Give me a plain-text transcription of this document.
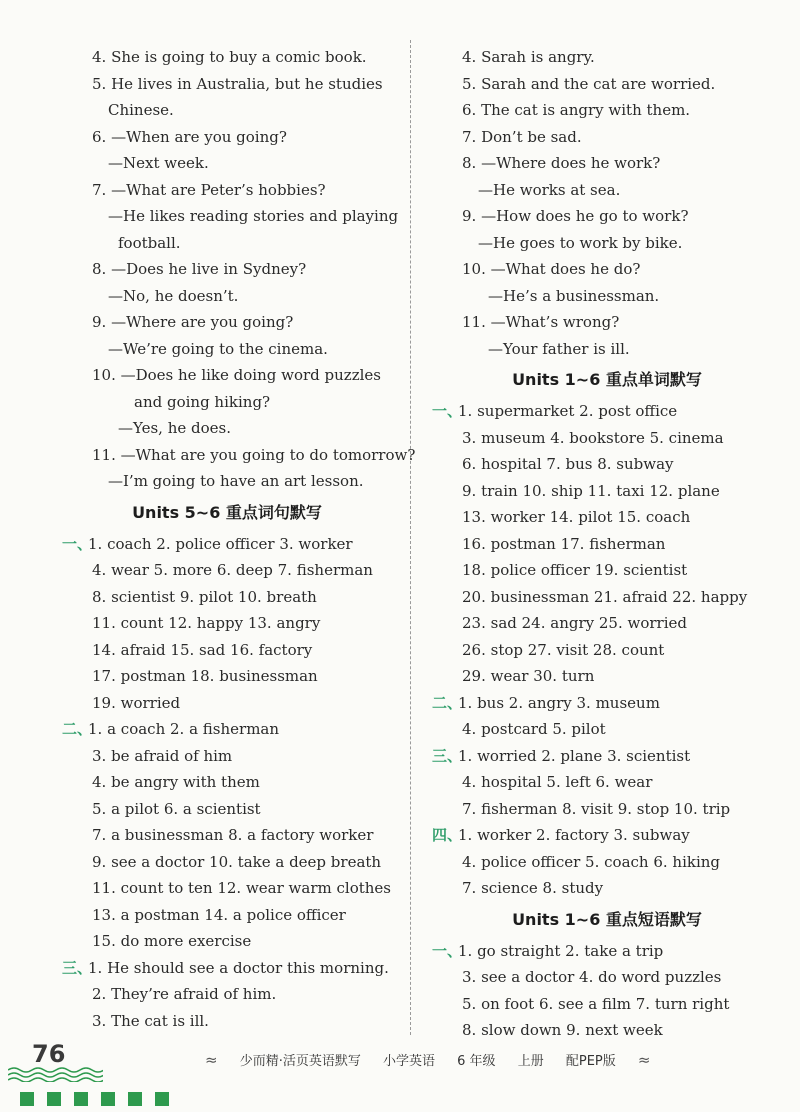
4. She is going to buy a comic book.
5. He lives in Australia, but he studies
Chinese.
6. —When are you going?
—Next week.
7. —What are Peter’s hobbies?
—He likes reading stories and playing
football.
8. —Does he live in Sydney?
—No, he doesn’t.
9. —Where are you going?
—We’re going to the cinema.
10. —Does he like doing word puzzles
and going hiking?
—Yes, he does.
11. —What are you going to do tomorrow?
—I’m going to have an art lesson.
Units 5~6 重点词句默写
一、1. coach 2. police officer 3. worker
4. wear 5. more 6. deep 7. fisherman
8. scientist 9. pilot 10. breath
11. count 12. happy 13. angry
14. afraid 15. sad 16. factory
17. postman 18. businessman
19. worried
二、1. a coach 2. a fisherman
3. be afraid of him
4. be angry with them
5. a pilot 6. a scientist
7. a businessman 8. a factory worker
9. see a doctor 10. take a deep breath
11. count to ten 12. wear warm clothes
13. a postman 14. a police officer
15. do more exercise
三、1. He should see a doctor this morning.
2. They’re afraid of him.
3. The cat is ill.
4. Sarah is angry.
5. Sarah and the cat are worried.
6. The cat is angry with them.
7. Don’t be sad.
8. —Where does he work?
—He works at sea.
9. —How does he go to work?
—He goes to work by bike.
10. —What does he do?
—He’s a businessman.
11. —What’s wrong?
—Your father is ill.
Units 1~6 重点单词默写
一、1. supermarket 2. post office
3. museum 4. bookstore 5. cinema
6. hospital 7. bus 8. subway
9. train 10. ship 11. taxi 12. plane
13. worker 14. pilot 15. coach
16. postman 17. fisherman
18. police officer 19. scientist
20. businessman 21. afraid 22. happy
23. sad 24. angry 25. worried
26. stop 27. visit 28. count
29. wear 30. turn
二、1. bus 2. angry 3. museum
4. postcard 5. pilot
三、1. worried 2. plane 3. scientist
4. hospital 5. left 6. wear
7. fisherman 8. visit 9. stop 10. trip
四、1. worker 2. factory 3. subway
4. police officer 5. coach 6. hiking
7. science 8. study
Units 1~6 重点短语默写
一、1. go straight 2. take a trip
3. see a doctor 4. do word puzzles
5. on foot 6. see a film 7. turn right
8. slow down 9. next week
76	≈ 少而精·活页英语默写 小学英语 6 年级 上册 配PEP版 ≈
